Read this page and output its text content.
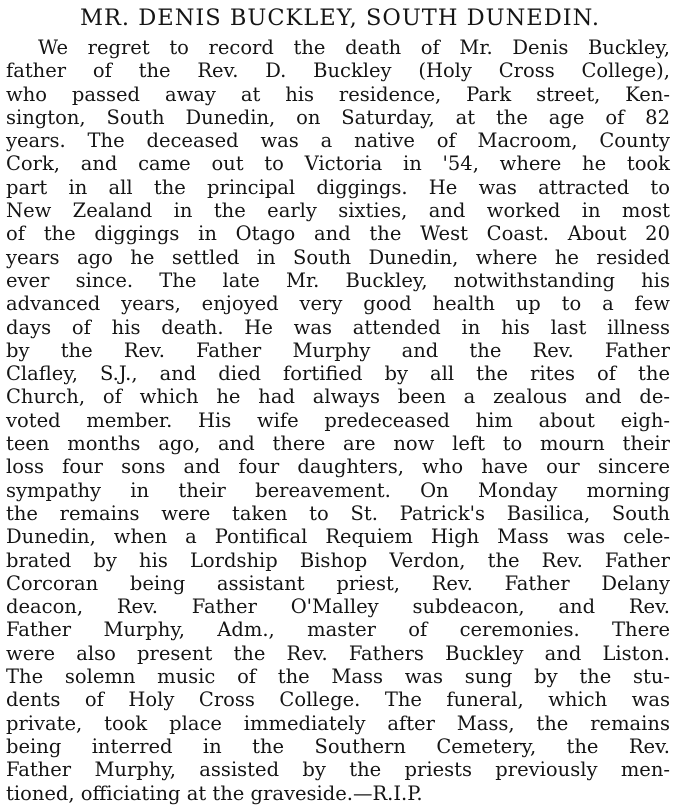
MR. DENIS BUCKLEY, SOUTH DUNEDIN.
We regret to record the death of Mr. Denis Buckley,
father of the Rev. D. Buckley (Holy Cross College),
who passed away at his residence, Park street, Ken-
sington, South Dunedin, on Saturday, at the age of 82
years. The deceased was a native of Macroom, County
Cork, and came out to Victoria in '54, where he took
part in all the principal diggings. He was attracted to
New Zealand in the early sixties, and worked in most
of the diggings in Otago and the West Coast. About 20
years ago he settled in South Dunedin, where he resided
ever since. The late Mr. Buckley, notwithstanding his
advanced years, enjoyed very good health up to a few
days of his death. He was attended in his last illness
by the Rev. Father Murphy and the Rev. Father
Clafley, S.J., and died fortified by all the rites of the
Church, of which he had always been a zealous and de-
voted member. His wife predeceased him about eigh-
teen months ago, and there are now left to mourn their
loss four sons and four daughters, who have our sincere
sympathy in their bereavement. On Monday morning
the remains were taken to St. Patrick's Basilica, South
Dunedin, when a Pontifical Requiem High Mass was cele-
brated by his Lordship Bishop Verdon, the Rev. Father
Corcoran being assistant priest, Rev. Father Delany
deacon, Rev. Father O'Malley subdeacon, and Rev.
Father Murphy, Adm., master of ceremonies. There
were also present the Rev. Fathers Buckley and Liston.
The solemn music of the Mass was sung by the stu-
dents of Holy Cross College. The funeral, which was
private, took place immediately after Mass, the remains
being interred in the Southern Cemetery, the Rev.
Father Murphy, assisted by the priests previously men-
tioned, officiating at the graveside.—R.I.P.
